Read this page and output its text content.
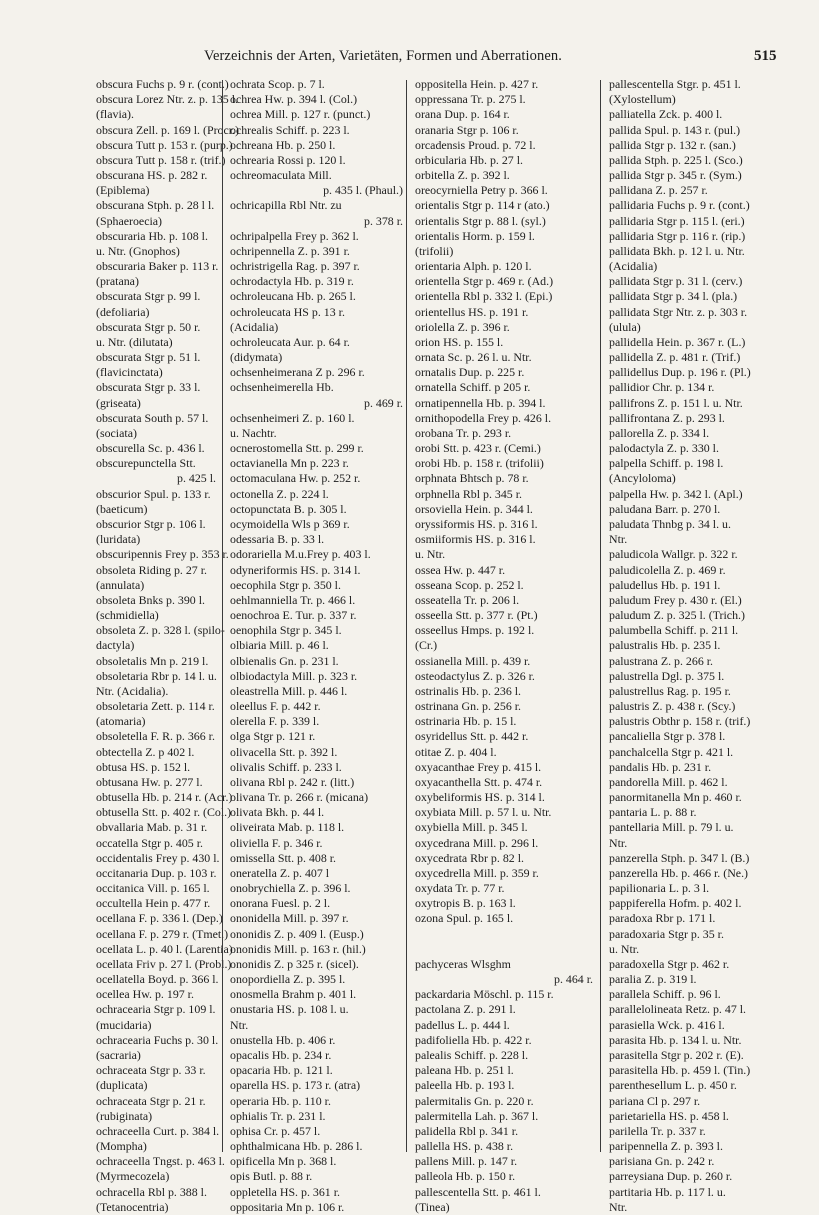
Verzeichnis der Arten, Varietäten, Formen und Aberrationen.	515
obscura Fuchs p. 9 r. (cont.)
obscura Lorez Ntr. z. p. 135 l.
(flavia).
obscura Zell. p. 169 l. (Procr.)
obscura Tutt p. 153 r. (purp.)
obscura Tutt p. 158 r. (trif.)
obscurana HS. p. 282 r.
(Epiblema)
obscurana Stph. p. 28 l l.
(Sphaeroecia)
obscuraria Hb. p. 108 l.
u. Ntr. (Gnophos)
obscuraria Baker p. 113 r.
(pratana)
obscurata Stgr p. 99 l.
(defoliaria)
obscurata Stgr p. 50 r.
u. Ntr. (dilutata)
obscurata Stgr p. 51 l.
(flavicinctata)
obscurata Stgr p. 33 l.
(griseata)
obscurata South p. 57 l.
(sociata)
obscurella Sc. p. 436 l.
obscurepunctella Stt.
p. 425 l.
obscurior Spul. p. 133 r.
(baeticum)
obscurior Stgr p. 106 l.
(luridata)
obscuripennis Frey p. 353 r.
obsoleta Riding p. 27 r.
(annulata)
obsoleta Bnks p. 390 l.
(schmidiella)
obsoleta Z. p. 328 l. (spilo-
dactyla)
obsoletalis Mn p. 219 l.
obsoletaria Rbr p. 14 l. u.
Ntr. (Acidalia).
obsoletaria Zett. p. 114 r.
(atomaria)
obsoletella F. R. p. 366 r.
obtectella Z. p 402 l.
obtusa HS. p. 152 l.
obtusana Hw. p. 277 l.
obtusella Hb. p. 214 r. (Acr.)
obtusella Stt. p. 402 r. (Col.)
obvallaria Mab. p. 31 r.
occatella Stgr p. 405 r.
occidentalis Frey p. 430 l.
occitanaria Dup. p. 103 r.
occitanica Vill. p. 165 l.
occultella Hein p. 477 r.
ocellana F. p. 336 l. (Dep.)
ocellana F. p. 279 r. (Tmet.)
ocellata L. p. 40 l. (Larentia)
ocellata Friv p. 27 l. (Probl.)
ocellatella Boyd. p. 366 l.
ocellea Hw. p. 197 r.
ochracearia Stgr p. 109 l.
(mucidaria)
ochracearia Fuchs p. 30 l.
(sacraria)
ochraceata Stgr p. 33 r.
(duplicata)
ochraceata Stgr p. 21 r.
(rubiginata)
ochraceella Curt. p. 384 l.
(Mompha)
ochraceella Tngst. p. 463 l.
(Myrmecozela)
ochracella Rbl p. 388 l.
(Tetanocentria)
ochrata Scop. p. 7 l.
ochrea Hw. p. 394 l. (Col.)
ochrea Mill. p. 127 r. (punct.)
ochrealis Schiff. p. 223 l.
ochreana Hb. p. 250 l.
ochrearia Rossi p. 120 l.
ochreomaculata Mill.
p. 435 l. (Phaul.)
ochricapilla Rbl Ntr. zu
p. 378 r.
ochripalpella Frey p. 362 l.
ochripennella Z. p. 391 r.
ochristrigella Rag. p. 397 r.
ochrodactyla Hb. p. 319 r.
ochroleucana Hb. p. 265 l.
ochroleucata HS p. 13 r.
(Acidalia)
ochroleucata Aur. p. 64 r.
(didymata)
ochsenheimerana Z p. 296 r.
ochsenheimerella Hb.
p. 469 r.
ochsenheimeri Z. p. 160 l.
u. Nachtr.
ocnerostomella Stt. p. 299 r.
octavianella Mn p. 223 r.
octomaculana Hw. p. 252 r.
octonella Z. p. 224 l.
octopunctata B. p. 305 l.
ocymoidella Wls p 369 r.
odessaria B. p. 33 l.
odorariella M.u.Frey p. 403 l.
odyneriformis HS. p. 314 l.
oecophila Stgr p. 350 l.
oehlmanniella Tr. p. 466 l.
oenochroa E. Tur. p. 337 r.
oenophila Stgr p. 345 l.
olbiaria Mill. p. 46 l.
olbienalis Gn. p. 231 l.
olbiodactyla Mill. p. 323 r.
oleastrella Mill. p. 446 l.
oleellus F. p. 442 r.
olerella F. p. 339 l.
olga Stgr p. 121 r.
olivacella Stt. p. 392 l.
olivalis Schiff. p. 233 l.
olivana Rbl p. 242 r. (litt.)
olivana Tr. p. 266 r. (micana)
olivata Bkh. p. 44 l.
oliveirata Mab. p. 118 l.
oliviella F. p. 346 r.
omissella Stt. p. 408 r.
oneratella Z. p. 407 l
onobrychiella Z. p. 396 l.
onorana Fuesl. p. 2 l.
ononidella Mill. p. 397 r.
ononidis Z. p. 409 l. (Eusp.)
ononidis Mill. p. 163 r. (hil.)
ononidis Z. p 325 r. (sicel).
onopordiella Z. p. 395 l.
onosmella Brahm p. 401 l.
onustaria HS. p. 108 l. u.
Ntr.
onustella Hb. p. 406 r.
opacalis Hb. p. 234 r.
opacaria Hb. p. 121 l.
oparella HS. p. 173 r. (atra)
operaria Hb. p. 110 r.
ophialis Tr. p. 231 l.
ophisa Cr. p. 457 l.
ophthalmicana Hb. p. 286 l.
opificella Mn p. 368 l.
opis Butl. p. 88 r.
oppletella HS. p. 361 r.
oppositaria Mn p. 106 r.
oppositella Hein. p. 427 r.
oppressana Tr. p. 275 l.
orana Dup. p. 164 r.
oranaria Stgr p. 106 r.
orcadensis Proud. p. 72 l.
orbicularia Hb. p. 27 l.
orbitella Z. p. 392 l.
oreocyrniella Petry p. 366 l.
orientalis Stgr p. 114 r (ato.)
orientalis Stgr p. 88 l. (syl.)
orientalis Horm. p. 159 l.
(trifolii)
orientaria Alph. p. 120 l.
orientella Stgr p. 469 r. (Ad.)
orientella Rbl p. 332 l. (Epi.)
orientellus HS. p. 191 r.
oriolella Z. p. 396 r.
orion HS. p. 155 l.
ornata Sc. p. 26 l. u. Ntr.
ornatalis Dup. p. 225 r.
ornatella Schiff. p 205 r.
ornatipennella Hb. p. 394 l.
ornithopodella Frey p. 426 l.
orobana Tr. p. 293 r.
orobi Stt. p. 423 r. (Cemi.)
orobi Hb. p. 158 r. (trifolii)
orphnata Bhtsch p. 78 r.
orphnella Rbl p. 345 r.
orsoviella Hein. p. 344 l.
oryssiformis HS. p. 316 l.
osmiiformis HS. p. 316 l.
u. Ntr.
ossea Hw. p. 447 r.
osseana Scop. p. 252 l.
osseatella Tr. p. 206 l.
osseella Stt. p. 377 r. (Pt.)
osseellus Hmps. p. 192 l.
(Cr.)
ossianella Mill. p. 439 r.
osteodactylus Z. p. 326 r.
ostrinalis Hb. p. 236 l.
ostrinana Gn. p. 256 r.
ostrinaria Hb. p. 15 l.
osyridellus Stt. p. 442 r.
otitae Z. p. 404 l.
oxyacanthae Frey p. 415 l.
oxyacanthella Stt. p. 474 r.
oxybeliformis HS. p. 314 l.
oxybiata Mill. p. 57 l. u. Ntr.
oxybiella Mill. p. 345 l.
oxycedrana Mill. p. 296 l.
oxycedrata Rbr p. 82 l.
oxycedrella Mill. p. 359 r.
oxydata Tr. p. 77 r.
oxytropis B. p. 163 l.
ozona Spul. p. 165 l.
pachyceras Wlsghm
p. 464 r.
packardaria Möschl. p. 115 r.
pactolana Z. p. 291 l.
padellus L. p. 444 l.
padifoliella Hb. p. 422 r.
palealis Schiff. p. 228 l.
paleana Hb. p. 251 l.
paleella Hb. p. 193 l.
palermitalis Gn. p. 220 r.
palermitella Lah. p. 367 l.
palidella Rbl p. 341 r.
pallella HS. p. 438 r.
pallens Mill. p. 147 r.
palleola Hb. p. 150 r.
pallescentella Stt. p. 461 l.
(Tinea)
pallescentella Stgr. p. 451 l.
(Xylostellum)
palliatella Zck. p. 400 l.
pallida Spul. p. 143 r. (pul.)
pallida Stgr p. 132 r. (san.)
pallida Stph. p. 225 l. (Sco.)
pallida Stgr p. 345 r. (Sym.)
pallidana Z. p. 257 r.
pallidaria Fuchs p. 9 r. (cont.)
pallidaria Stgr p. 115 l. (eri.)
pallidaria Stgr p. 116 r. (rip.)
pallidata Bkh. p. 12 l. u. Ntr.
(Acidalia)
pallidata Stgr p. 31 l. (cerv.)
pallidata Stgr p. 34 l. (pla.)
pallidata Stgr Ntr. z. p. 303 r.
(ulula)
pallidella Hein. p. 367 r. (L.)
pallidella Z. p. 481 r. (Trif.)
pallidellus Dup. p. 196 r. (Pl.)
pallidior Chr. p. 134 r.
pallifrons Z. p. 151 l. u. Ntr.
pallifrontana Z. p. 293 l.
pallorella Z. p. 334 l.
palodactyla Z. p. 330 l.
palpella Schiff. p. 198 l.
(Ancyloloma)
palpella Hw. p. 342 l. (Apl.)
paludana Barr. p. 270 l.
paludata Thnbg p. 34 l. u.
Ntr.
paludicola Wallgr. p. 322 r.
paludicolella Z. p. 469 r.
paludellus Hb. p. 191 l.
paludum Frey p. 430 r. (El.)
paludum Z. p. 325 l. (Trich.)
palumbella Schiff. p. 211 l.
palustralis Hb. p. 235 l.
palustrana Z. p. 266 r.
palustrella Dgl. p. 375 l.
palustrellus Rag. p. 195 r.
palustris Z. p. 438 r. (Scy.)
palustris Obthr p. 158 r. (trif.)
pancaliella Stgr p. 378 l.
panchalcella Stgr p. 421 l.
pandalis Hb. p. 231 r.
pandorella Mill. p. 462 l.
panormitanella Mn p. 460 r.
pantaria L. p. 88 r.
pantellaria Mill. p. 79 l. u.
Ntr.
panzerella Stph. p. 347 l. (B.)
panzerella Hb. p. 466 r. (Ne.)
papilionaria L. p. 3 l.
pappiferella Hofm. p. 402 l.
paradoxa Rbr p. 171 l.
paradoxaria Stgr p. 35 r.
u. Ntr.
paradoxella Stgr p. 462 r.
paralia Z. p. 319 l.
parallela Schiff. p. 96 l.
parallelolineata Retz. p. 47 l.
parasiella Wck. p. 416 l.
parasita Hb. p. 134 l. u. Ntr.
parasitella Stgr p. 202 r. (E).
parasitella Hb. p. 459 l. (Tin.)
parenthesellum L. p. 450 r.
pariana Cl p. 297 r.
parietariella HS. p. 458 l.
parilella Tr. p. 337 r.
paripennella Z. p. 393 l.
parisiana Gn. p. 242 r.
parreysiana Dup. p. 260 r.
partitaria Hb. p. 117 l. u.
Ntr.
